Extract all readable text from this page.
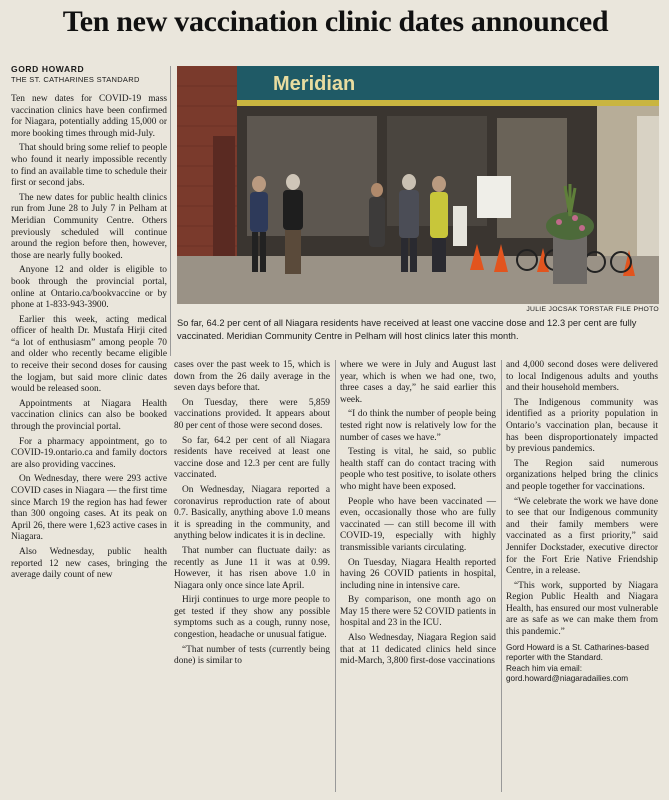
Ten new vaccination clinic dates announced
GORD HOWARD
THE ST. CATHARINES STANDARD	Meridian
JULIE JOCSAK TORSTAR FILE PHOTO
So far, 64.2 per cent of all Niagara residents have received at least one vaccine dose and 12.3 per cent are fully vaccinated. Meridian Community Centre in Pelham will host clinics later this month.

Ten new dates for COVID-19 mass vaccination clinics have been confirmed for Niagara, potentially adding 15,000 or more booking times through mid-July.

That should bring some relief to people who found it nearly impossible recently to find an available time to schedule their first or second jabs.

The new dates for public health clinics run from June 28 to July 7 in Pelham at Meridian Community Centre. Others previously scheduled will continue around the region before then, however, those are nearly fully booked.

Anyone 12 and older is eligible to book through the provincial portal, online at Ontario.ca/bookvaccine or by phone at 1-833-943-3900.

Earlier this week, acting medical officer of health Dr. Mustafa Hirji cited “a lot of enthusiasm” among people 70 and older who recently became eligible to receive their second doses for causing the logjam, but said more clinic dates would be released soon.

Appointments at Niagara Health vaccination clinics can also be booked through the provincial portal.

For a pharmacy appointment, go to COVID-19.ontario.ca and family doctors are also providing vaccines.

On Wednesday, there were 293 active COVID cases in Niagara — the first time since March 19 the region has had fewer than 300 ongoing cases. At its peak on April 26, there were 1,623 active cases in Niagara.

Also Wednesday, public health reported 12 new cases, bringing the average daily count of new

cases over the past week to 15, which is down from the 26 daily average in the seven days before that.

On Tuesday, there were 5,859 vaccinations provided. It appears about 80 per cent of those were second doses.

So far, 64.2 per cent of all Niagara residents have received at least one vaccine dose and 12.3 per cent are fully vaccinated.

On Wednesday, Niagara reported a coronavirus reproduction rate of about 0.7. Basically, anything above 1.0 means it is spreading in the community, and anything below indicates it is in decline.

That number can fluctuate daily: as recently as June 11 it was at 0.99. However, it has risen above 1.0 in Niagara only once since late April.

Hirji continues to urge more people to get tested if they show any possible symptoms such as a cough, runny nose, congestion, headache or unusual fatigue.

“That number of tests (currently being done) is similar to

where we were in July and August last year, which is when we had one, two, three cases a day,” he said earlier this week.

“I do think the number of people being tested right now is relatively low for the number of cases we have.”

Testing is vital, he said, so public health staff can do contact tracing with people who test positive, to isolate others who might have been exposed.

People who have been vaccinated — even, occasionally those who are fully vaccinated — can still become ill with COVID-19, especially with highly transmissible variants circulating.

On Tuesday, Niagara Health reported having 26 COVID patients in hospital, including nine in intensive care.

By comparison, one month ago on May 15 there were 52 COVID patients in hospital and 23 in the ICU.

Also Wednesday, Niagara Region said that at 11 dedicated clinics held since mid-March, 3,800 first-dose vaccinations

and 4,000 second doses were delivered to local Indigenous adults and youths and their household members.

The Indigenous community was identified as a priority population in Ontario’s vaccination plan, because it has been disproportionately impacted by previous pandemics.

The Region said numerous organizations helped bring the clinics and people together for vaccinations.

“We celebrate the work we have done to see that our Indigenous community and their family members were vaccinated as a first priority,” said Jennifer Dockstader, executive director for the Fort Erie Native Friendship Centre, in a release.

“This work, supported by Niagara Region Public Health and Niagara Health, has ensured our most vulnerable are as safe as we can make them from this pandemic.”

Gord Howard is a St. Catharines-based reporter with the Standard.
Reach him via email:
gord.howard@niagaradailies.com
